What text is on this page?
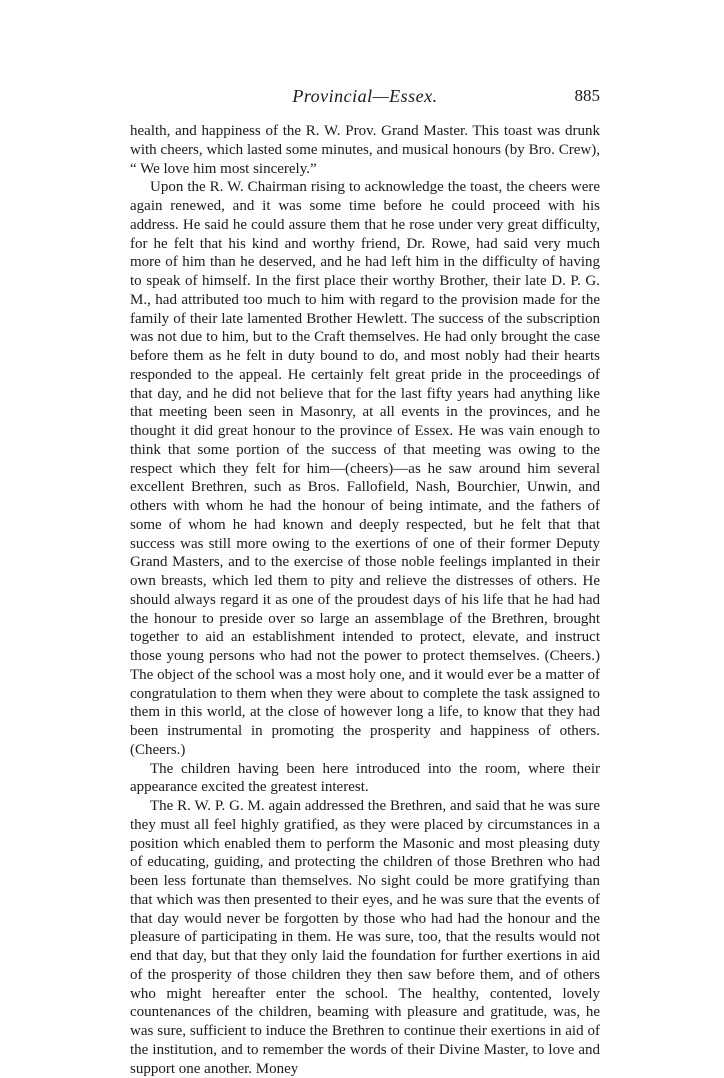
Provincial—Essex.	885

health, and happiness of the R. W. Prov. Grand Master. This toast was drunk with cheers, which lasted some minutes, and musical honours (by Bro. Crew), “ We love him most sincerely.”

Upon the R. W. Chairman rising to acknowledge the toast, the cheers were again renewed, and it was some time before he could proceed with his address. He said he could assure them that he rose under very great difficulty, for he felt that his kind and worthy friend, Dr. Rowe, had said very much more of him than he deserved, and he had left him in the difficulty of having to speak of himself. In the first place their worthy Brother, their late D. P. G. M., had attributed too much to him with regard to the provision made for the family of their late lamented Brother Hewlett. The success of the subscription was not due to him, but to the Craft themselves. He had only brought the case before them as he felt in duty bound to do, and most nobly had their hearts responded to the appeal. He certainly felt great pride in the proceedings of that day, and he did not believe that for the last fifty years had anything like that meeting been seen in Masonry, at all events in the provinces, and he thought it did great honour to the province of Essex. He was vain enough to think that some portion of the success of that meeting was owing to the respect which they felt for him—(cheers)—as he saw around him several excellent Brethren, such as Bros. Fallofield, Nash, Bourchier, Unwin, and others with whom he had the honour of being intimate, and the fathers of some of whom he had known and deeply respected, but he felt that that success was still more owing to the exertions of one of their former Deputy Grand Masters, and to the exercise of those noble feelings implanted in their own breasts, which led them to pity and relieve the distresses of others. He should always regard it as one of the proudest days of his life that he had had the honour to preside over so large an assemblage of the Brethren, brought together to aid an establishment intended to protect, elevate, and instruct those young persons who had not the power to protect themselves. (Cheers.) The object of the school was a most holy one, and it would ever be a matter of congratulation to them when they were about to complete the task assigned to them in this world, at the close of however long a life, to know that they had been instrumental in promoting the prosperity and happiness of others. (Cheers.)

The children having been here introduced into the room, where their appearance excited the greatest interest.

The R. W. P. G. M. again addressed the Brethren, and said that he was sure they must all feel highly gratified, as they were placed by circumstances in a position which enabled them to perform the Masonic and most pleasing duty of educating, guiding, and protecting the children of those Brethren who had been less fortunate than themselves. No sight could be more gratifying than that which was then presented to their eyes, and he was sure that the events of that day would never be forgotten by those who had had the honour and the pleasure of participating in them. He was sure, too, that the results would not end that day, but that they only laid the foundation for further exertions in aid of the prosperity of those children they then saw before them, and of others who might hereafter enter the school. The healthy, contented, lovely countenances of the children, beaming with pleasure and gratitude, was, he was sure, sufficient to induce the Brethren to continue their exertions in aid of the institution, and to remember the words of their Divine Master, to love and support one another. Money
